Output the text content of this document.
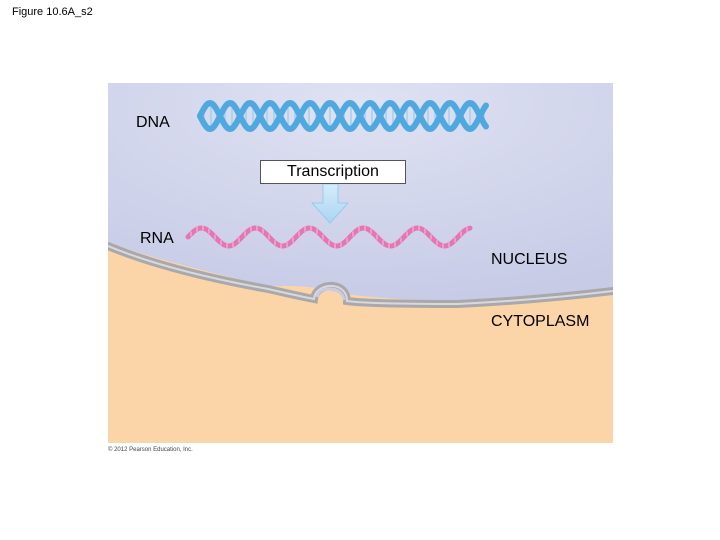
Figure 10.6A_s2
DNA
Transcription
RNA
NUCLEUS
CYTOPLASM
© 2012 Pearson Education, Inc.
